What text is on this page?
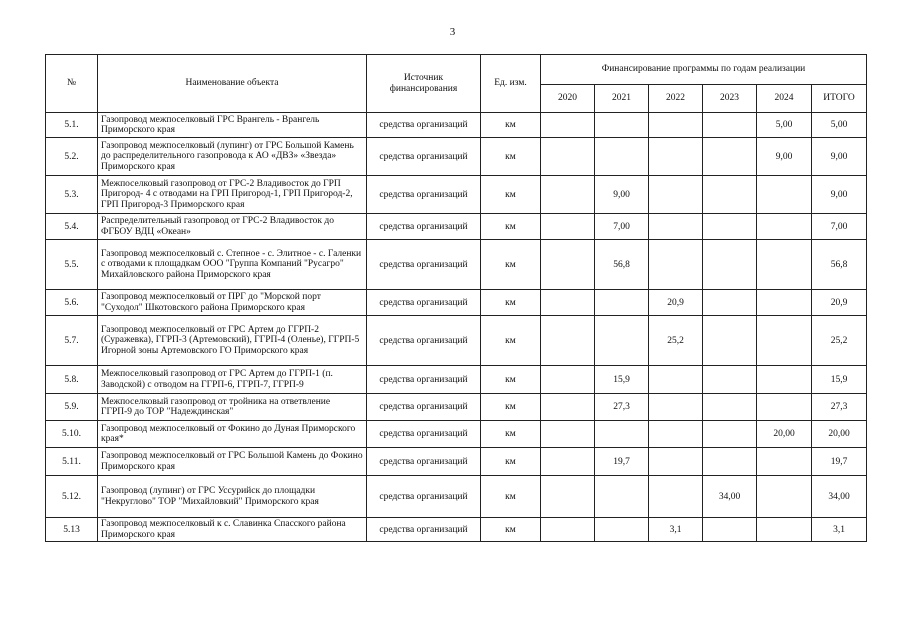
3
№	Наименование объекта	Источник финансирования	Ед. изм.	Финансирование программы по годам реализации					
				2020	2021	2022	2023	2024	ИТОГО
5.1.	Газопровод межпоселковый ГРС Врангель - Врангель Приморского края	средства организаций	км					5,00	5,00
5.2.	Газопровод межпоселковый (лупинг) от ГРС Большой Камень до распределительного газопровода к АО «ДВЗ» «Звезда» Приморского края	средства организаций	км					9,00	9,00
5.3.	Межпоселковый газопровод от ГРС-2 Владивосток до ГРП Пригород- 4 с отводами на ГРП Пригород-1, ГРП Пригород-2, ГРП Пригород-3 Приморского края	средства организаций	км		9,00				9,00
5.4.	Распределительный газопровод от ГРС-2 Владивосток до ФГБОУ ВДЦ «Океан»	средства организаций	км		7,00				7,00
5.5.	Газопровод межпоселковый с. Степное - с. Элитное - с. Галенки с отводами к площадкам ООО "Группа Компаний "Русагро" Михайловского района Приморского края	средства организаций	км		56,8				56,8
5.6.	Газопровод межпоселковый от ПРГ до "Морской порт "Суходол" Шкотовского района Приморского края	средства организаций	км			20,9			20,9
5.7.	Газопровод межпоселковый от ГРС Артем до ГГРП-2 (Суражевка), ГГРП-3 (Артемовский), ГГРП-4 (Оленье), ГГРП-5 Игорной зоны Артемовского ГО Приморского края	средства организаций	км			25,2			25,2
5.8.	Межпоселковый газопровод от ГРС Артем до ГГРП-1 (п. Заводской) с отводом на ГГРП-6, ГГРП-7, ГГРП-9	средства организаций	км		15,9				15,9
5.9.	Межпоселковый газопровод от тройника на ответвление ГГРП-9 до ТОР "Надеждинская"	средства организаций	км		27,3				27,3
5.10.	Газопровод межпоселковый от Фокино до Дуная Приморского края*	средства организаций	км					20,00	20,00
5.11.	Газопровод межпоселковый от ГРС Большой Камень до Фокино Приморского края	средства организаций	км		19,7				19,7
5.12.	Газопровод (лупинг) от ГРС Уссурийск до площадки "Некруглово" ТОР "Михайловкий" Приморского края	средства организаций	км				34,00		34,00
5.13	Газопровод межпоселковый к с. Славинка Спасского района Приморского края	средства организаций	км			3,1			3,1
